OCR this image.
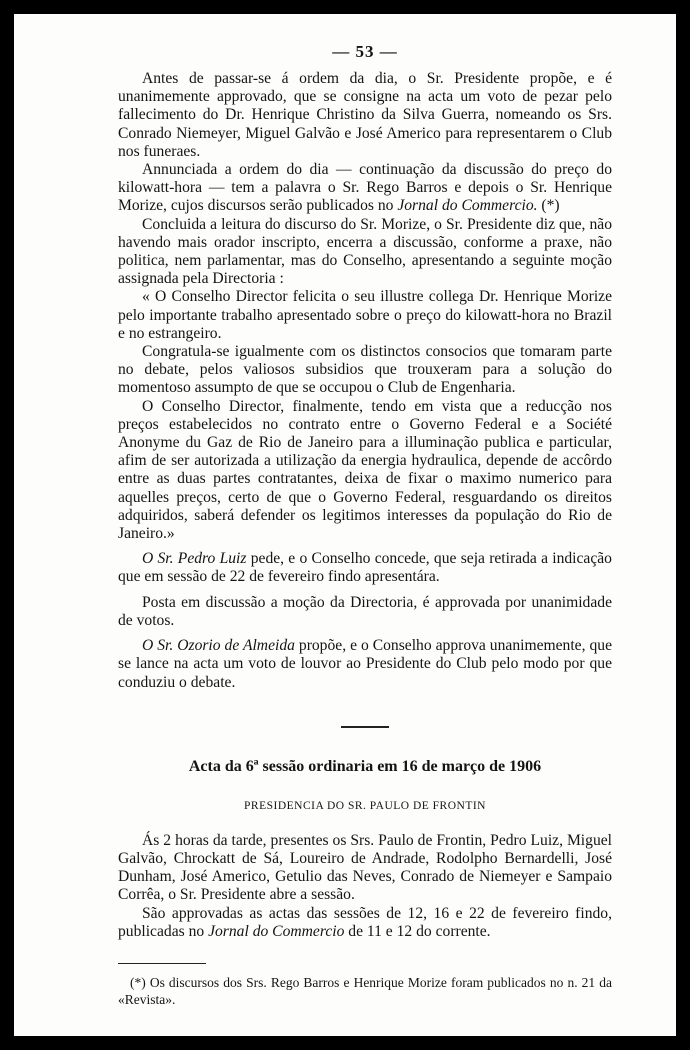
— 53 —

Antes de passar-se á ordem da dia, o Sr. Presidente propõe, e é unanimemente approvado, que se consigne na acta um voto de pezar pelo fallecimento do Dr. Henrique Christino da Silva Guerra, nomeando os Srs. Conrado Niemeyer, Miguel Galvão e José Americo para representarem o Club nos funeraes.

Annunciada a ordem do dia — continuação da discussão do preço do kilowatt-hora — tem a palavra o Sr. Rego Barros e depois o Sr. Henrique Morize, cujos discursos serão publicados no Jornal do Commercio. (*)

Concluida a leitura do discurso do Sr. Morize, o Sr. Presidente diz que, não havendo mais orador inscripto, encerra a discussão, conforme a praxe, não politica, nem parlamentar, mas do Conselho, apresentando a seguinte moção assignada pela Directoria :

« O Conselho Director felicita o seu illustre collega Dr. Henrique Morize pelo importante trabalho apresentado sobre o preço do kilowatt-hora no Brazil e no estrangeiro.

Congratula-se igualmente com os distinctos consocios que tomaram parte no debate, pelos valiosos subsidios que trouxeram para a solução do momentoso assumpto de que se occupou o Club de Engenharia.

O Conselho Director, finalmente, tendo em vista que a reducção nos preços estabelecidos no contrato entre o Governo Federal e a Société Anonyme du Gaz de Rio de Janeiro para a illuminação publica e particular, afim de ser autorizada a utilização da energia hydraulica, depende de accôrdo entre as duas partes contratantes, deixa de fixar o maximo numerico para aquelles preços, certo de que o Governo Federal, resguardando os direitos adquiridos, saberá defender os legitimos interesses da população do Rio de Janeiro.»

O Sr. Pedro Luiz pede, e o Conselho concede, que seja retirada a indicação que em sessão de 22 de fevereiro findo apresentára.

Posta em discussão a moção da Directoria, é approvada por unanimidade de votos.

O Sr. Ozorio de Almeida propõe, e o Conselho approva unanimemente, que se lance na acta um voto de louvor ao Presidente do Club pelo modo por que conduziu o debate.

Acta da 6ª sessão ordinaria em 16 de março de 1906
PRESIDENCIA DO SR. PAULO DE FRONTIN

Ás 2 horas da tarde, presentes os Srs. Paulo de Frontin, Pedro Luiz, Miguel Galvão, Chrockatt de Sá, Loureiro de Andrade, Rodolpho Bernardelli, José Dunham, José Americo, Getulio das Neves, Conrado de Niemeyer e Sampaio Corrêa, o Sr. Presidente abre a sessão.

São approvadas as actas das sessões de 12, 16 e 22 de fevereiro findo, publicadas no Jornal do Commercio de 11 e 12 do corrente.

(*) Os discursos dos Srs. Rego Barros e Henrique Morize foram publicados no n. 21 da «Revista».
